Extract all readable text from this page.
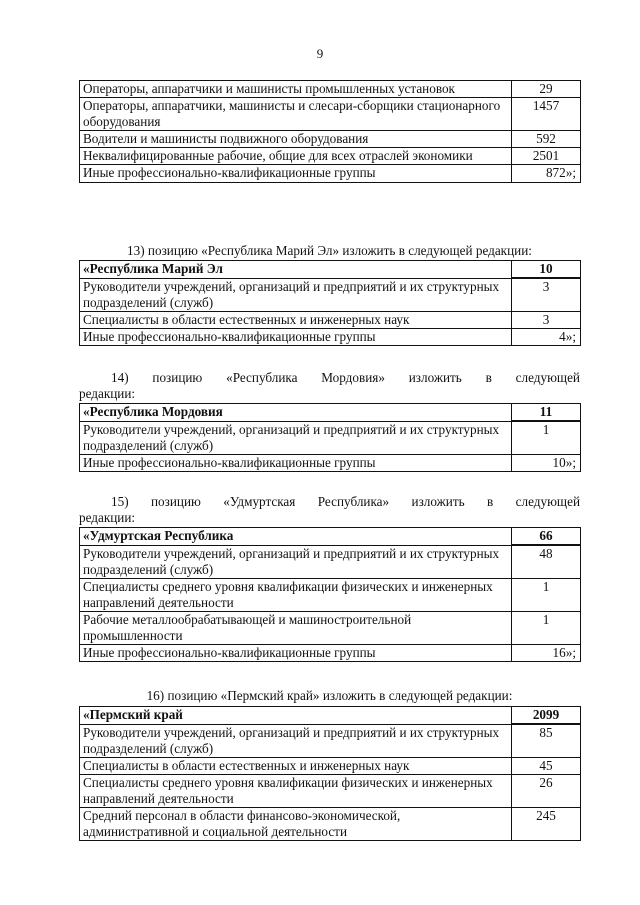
9
Операторы, аппаратчики и машинисты промышленных установок	29
Операторы, аппаратчики, машинисты и слесари-сборщики стационарного оборудования	1457
Водители и машинисты подвижного оборудования	592
Неквалифицированные рабочие, общие для всех отраслей экономики	2501
Иные профессионально-квалификационные группы	872»;
13) позицию «Республика Марий Эл» изложить в следующей редакции:
«Республика Марий Эл	10
Руководители учреждений, организаций и предприятий и их структурных подразделений (служб)	3
Специалисты в области естественных и инженерных наук	3
Иные профессионально-квалификационные группы	4»;
14) позицию «Республика Мордовия» изложить в следующей
редакции:
«Республика Мордовия	11
Руководители учреждений, организаций и предприятий и их структурных подразделений (служб)	1
Иные профессионально-квалификационные группы	10»;
15) позицию «Удмуртская Республика» изложить в следующей
редакции:
«Удмуртская Республика	66
Руководители учреждений, организаций и предприятий и их структурных подразделений (служб)	48
Специалисты среднего уровня квалификации физических и инженерных направлений деятельности	1
Рабочие металлообрабатывающей и машиностроительной промышленности	1
Иные профессионально-квалификационные группы	16»;
16) позицию «Пермский край» изложить в следующей редакции:
«Пермский край	2099
Руководители учреждений, организаций и предприятий и их структурных подразделений (служб)	85
Специалисты в области естественных и инженерных наук	45
Специалисты среднего уровня квалификации физических и инженерных направлений деятельности	26
Средний персонал в области финансово-экономической, административной и социальной деятельности	245
